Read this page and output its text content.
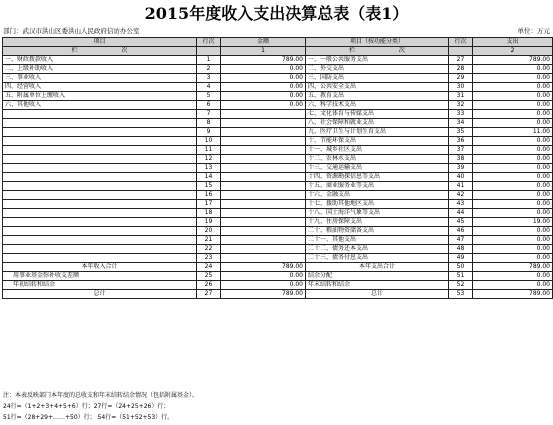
2015年度收入支出决算总表（表1）
部门：武汉市洪山区委洪山人民政府信访办公室	单位：万元
项目	行次	金额	项目（按功能分类）	行次	支出
栏 次		1	栏 次		2
一、财政拨款收入	1	789.00	一、一般公共服务支出	27	789.00
二、上级补助收入	2	0.00	二、外交支出	28	0.00
三、事业收入	3	0.00	三、国防支出	29	0.00
四、经营收入	4	0.00	四、公共安全支出	30	0.00
五、附属单位上缴收入	5	0.00	五、教育支出	31	0.00
六、其他收入	6	0.00	六、科学技术支出	32	0.00
	7		七、文化体育与传媒支出	33	0.00
	8		八、社会保障和就业支出	34	0.00
	9		九、医疗卫生与计划生育支出	35	11.00
	10		十、节能环保支出	36	0.00
	11		十一、城乡社区支出	37	0.00
	12		十二、农林水支出	38	0.00
	13		十三、交通运输支出	39	0.00
	14		十四、资源勘探信息等支出	40	0.00
	15		十五、商业服务业等支出	41	0.00
	16		十六、金融支出	42	0.00
	17		十七、援助其他地区支出	43	0.00
	18		十八、国土海洋气象等支出	44	0.00
	19		十九、住房保障支出	45	19.00
	20		二十、粮油物资储备支出	46	0.00
	21		二十一、其他支出	47	0.00
	22		二十二、债务还本支出	48	0.00
	23		二十三、债务付息支出	49	0.00
本年收入合计	24	789.00	本年支出合计	50	789.00
用事业基金弥补收支差额	25	0.00	结余分配	51	0.00
年初结转和结余	26	0.00	年末结转和结余	52	0.00
总计	27	789.00	总计	53	789.00
注：本表反映部门本年度的总收支和年末结转结余情况（包括附属基金）。
24行=（1+2+3+4+5+6）行；27行=（24+25+26）行；
51行=（28+29+……+50）行； 54行=（51+52+53）行。
